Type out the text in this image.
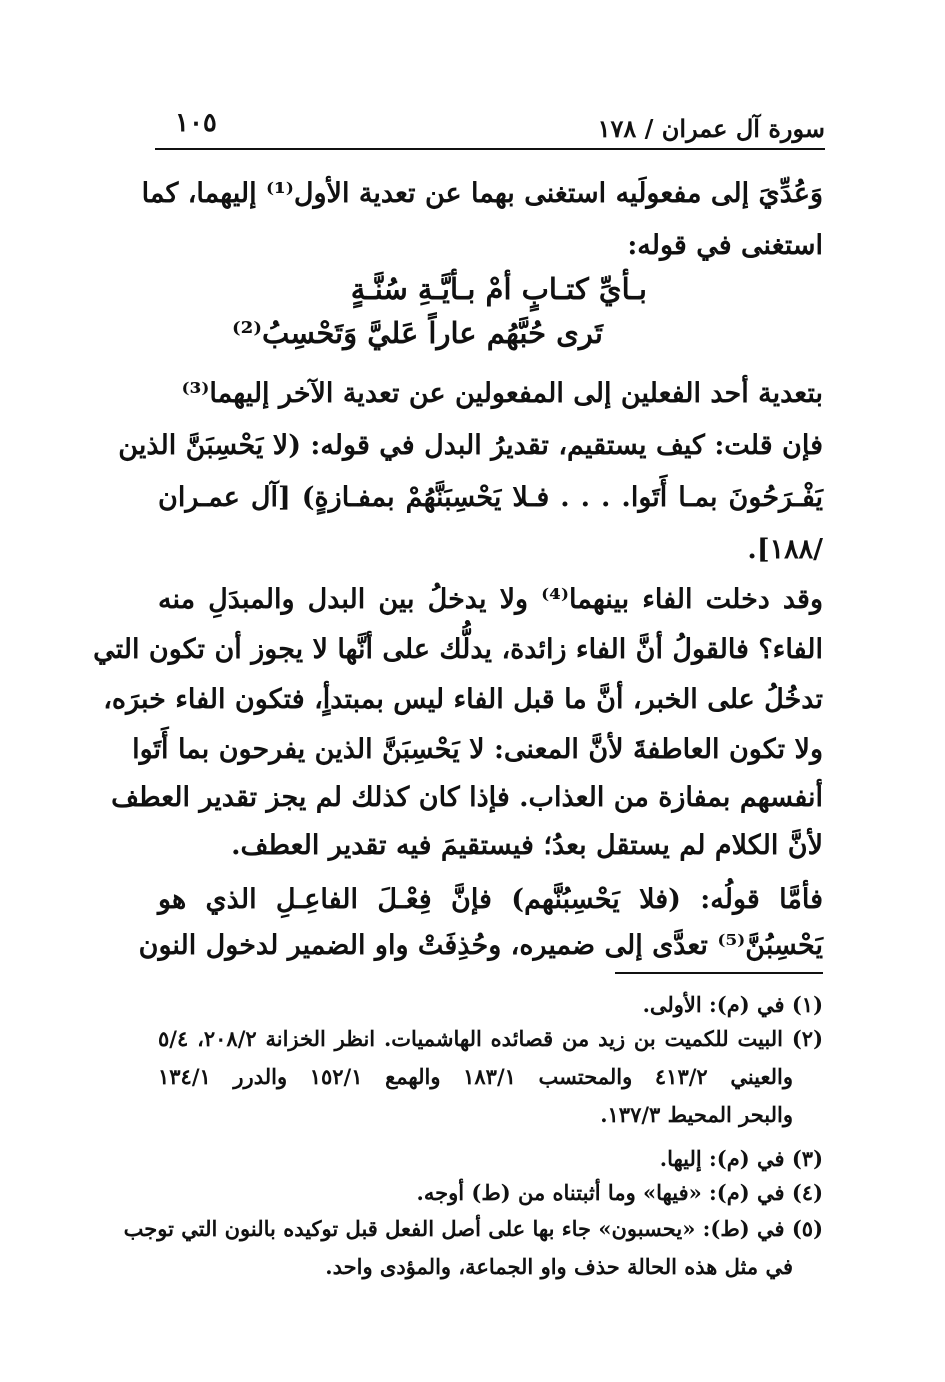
سورة آل عمران / ١٧٨
١٠٥
وَعُدِّيَ إلى مفعولَيه استغنى بهما عن تعدية الأول⁽¹⁾ إليهما، كما
استغنى في قوله:
بـأيِّ كتـابٍ أمْ بـأيَّـةِ سُنَّـةٍ
تَرى حُبَّهُم عاراً عَليَّ وَتَحْسِبُ⁽²⁾
بتعدية أحد الفعلين إلى المفعولين عن تعدية الآخر إليهما⁽³⁾
فإن قلت: كيف يستقيم، تقديرُ البدل في قوله: (لا يَحْسِبَنَّ الذين
يَفْـرَحُونَ بمـا أَتَوا. . . . فـلا يَحْسِبَنَّهُمْ بمفـازةٍ) [آل عمـران
/١٨٨].
وقد دخلت الفاء بينهما⁽⁴⁾ ولا يدخلُ بين البدل والمبدَلِ منه
الفاء؟ فالقولُ أنَّ الفاء زائدة، يدلُّك على أنَّها لا يجوز أن تكون التي
تدخُلُ على الخبر، أنَّ ما قبل الفاء ليس بمبتدأٍ، فتكون الفاء خبرَه،
ولا تكون العاطفةَ لأنَّ المعنى: لا يَحْسِبَنَّ الذين يفرحون بما أَتَوا
أنفسهم بمفازة من العذاب. فإذا كان كذلك لم يجز تقدير العطف
لأنَّ الكلام لم يستقل بعدُ؛ فيستقيمَ فيه تقدير العطف.
فأمَّا قولُه: (فلا يَحْسِبُنَّهم) فإنَّ فِعْـلَ الفاعِـلِ الذي هو
يَحْسِبُنَّ⁽⁵⁾ تعدَّى إلى ضميره، وحُذِفَتْ واو الضمير لدخول النون
(١) في (م): الأولى.
(٢) البيت للكميت بن زيد من قصائده الهاشميات. انظر الخزانة ٢٠٨/٢، ٥/٤
والعيني ٤١٣/٢ والمحتسب ١٨٣/١ والهمع ١٥٢/١ والدرر ١٣٤/١
والبحر المحيط ١٣٧/٣.
(٣) في (م): إليها.
(٤) في (م): «فيها» وما أثبتناه من (ط) أوجه.
(٥) في (ط): «يحسبون» جاء بها على أصل الفعل قبل توكيده بالنون التي توجب
في مثل هذه الحالة حذف واو الجماعة، والمؤدى واحد.
